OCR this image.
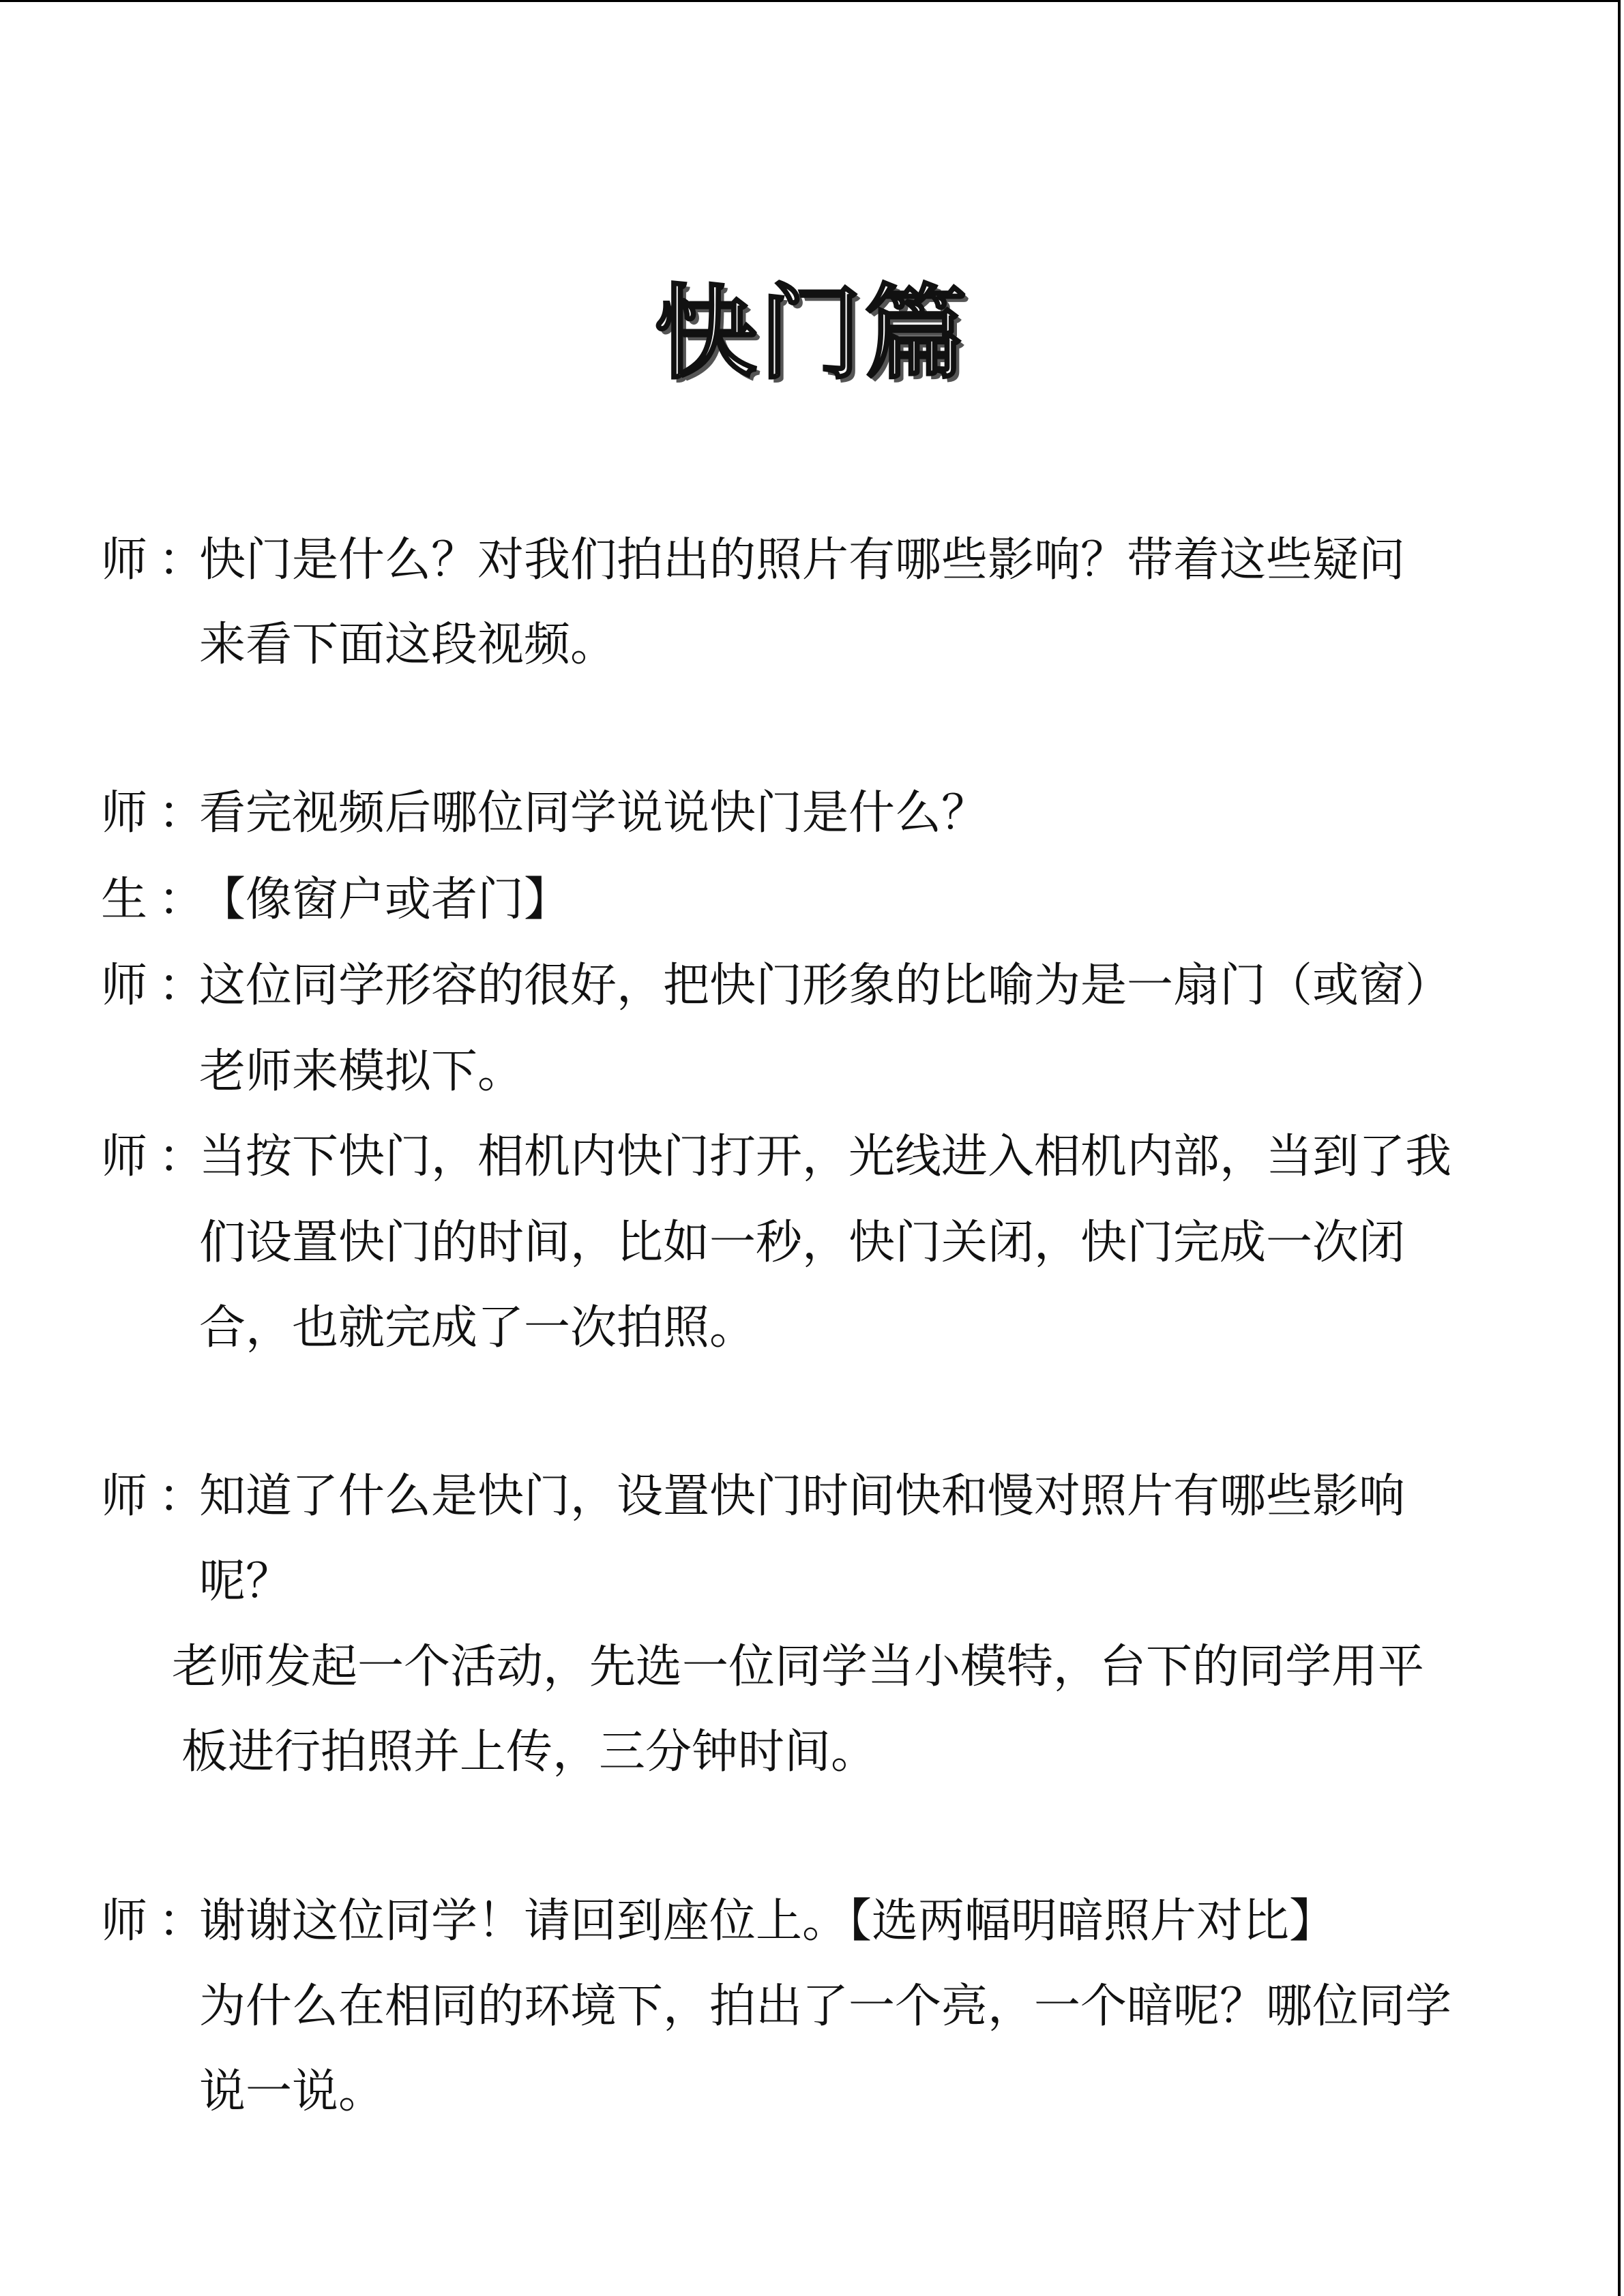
快门篇
师 ：
快门是什么？对我们拍出的照片有哪些影响？带着这些疑问
来看下面这段视频。
师 ：
看完视频后哪位同学说说快门是什么？
生 ：
【像窗户或者门】
师 ：
这位同学形容的很好，把快门形象的比喻为是一扇门（或窗）
老师来模拟下。
师 ：
当按下快门，相机内快门打开，光线进入相机内部，当到了我
们设置快门的时间，比如一秒，快门关闭，快门完成一次闭
合，也就完成了一次拍照。
师 ：
知道了什么是快门，设置快门时间快和慢对照片有哪些影响
呢？
老师发起一个活动，先选一位同学当小模特，台下的同学用平
板进行拍照并上传，三分钟时间。
师 ：
谢谢这位同学！请回到座位上。【选两幅明暗照片对比】
为什么在相同的环境下，拍出了一个亮，一个暗呢？哪位同学
说一说。
